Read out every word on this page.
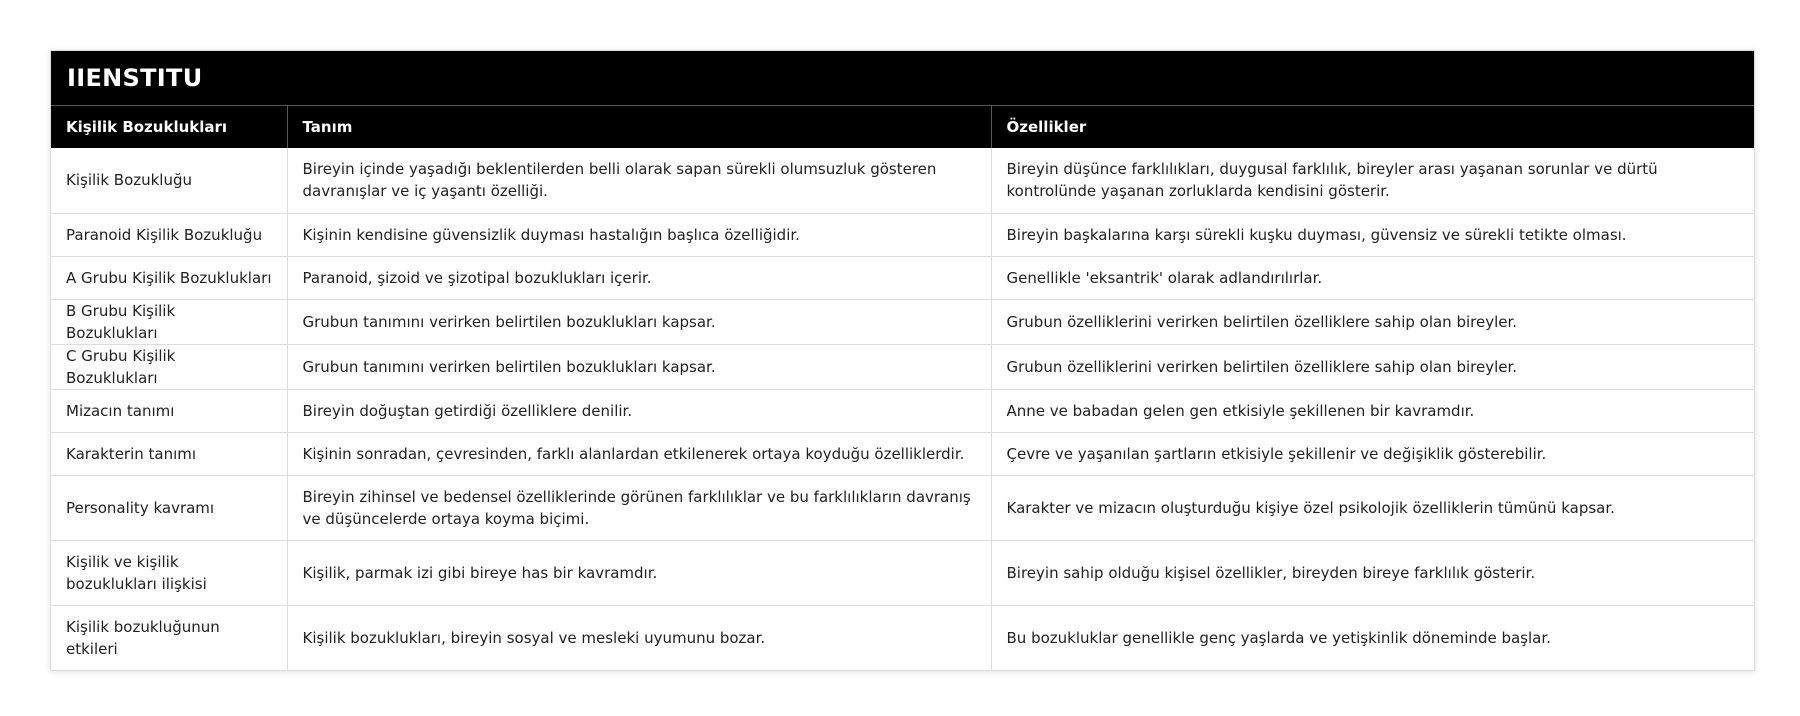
IIENSTITU
Kişilik Bozuklukları	Tanım	Özellikler
Kişilik Bozukluğu	Bireyin içinde yaşadığı beklentilerden belli olarak sapan sürekli olumsuzluk gösteren davranışlar ve iç yaşantı özelliği.	Bireyin düşünce farklılıkları, duygusal farklılık, bireyler arası yaşanan sorunlar ve dürtü kontrolünde yaşanan zorluklarda kendisini gösterir.
Paranoid Kişilik Bozukluğu	Kişinin kendisine güvensizlik duyması hastalığın başlıca özelliğidir.	Bireyin başkalarına karşı sürekli kuşku duyması, güvensiz ve sürekli tetikte olması.
A Grubu Kişilik Bozuklukları	Paranoid, şizoid ve şizotipal bozuklukları içerir.	Genellikle 'eksantrik' olarak adlandırılırlar.
B Grubu Kişilik Bozuklukları	Grubun tanımını verirken belirtilen bozuklukları kapsar.	Grubun özelliklerini verirken belirtilen özelliklere sahip olan bireyler.
C Grubu Kişilik Bozuklukları	Grubun tanımını verirken belirtilen bozuklukları kapsar.	Grubun özelliklerini verirken belirtilen özelliklere sahip olan bireyler.
Mizacın tanımı	Bireyin doğuştan getirdiği özelliklere denilir.	Anne ve babadan gelen gen etkisiyle şekillenen bir kavramdır.
Karakterin tanımı	Kişinin sonradan, çevresinden, farklı alanlardan etkilenerek ortaya koyduğu özelliklerdir.	Çevre ve yaşanılan şartların etkisiyle şekillenir ve değişiklik gösterebilir.
Personality kavramı	Bireyin zihinsel ve bedensel özelliklerinde görünen farklılıklar ve bu farklılıkların davranış ve düşüncelerde ortaya koyma biçimi.	Karakter ve mizacın oluşturduğu kişiye özel psikolojik özelliklerin tümünü kapsar.
Kişilik ve kişilik bozuklukları ilişkisi	Kişilik, parmak izi gibi bireye has bir kavramdır.	Bireyin sahip olduğu kişisel özellikler, bireyden bireye farklılık gösterir.
Kişilik bozukluğunun etkileri	Kişilik bozuklukları, bireyin sosyal ve mesleki uyumunu bozar.	Bu bozukluklar genellikle genç yaşlarda ve yetişkinlik döneminde başlar.
